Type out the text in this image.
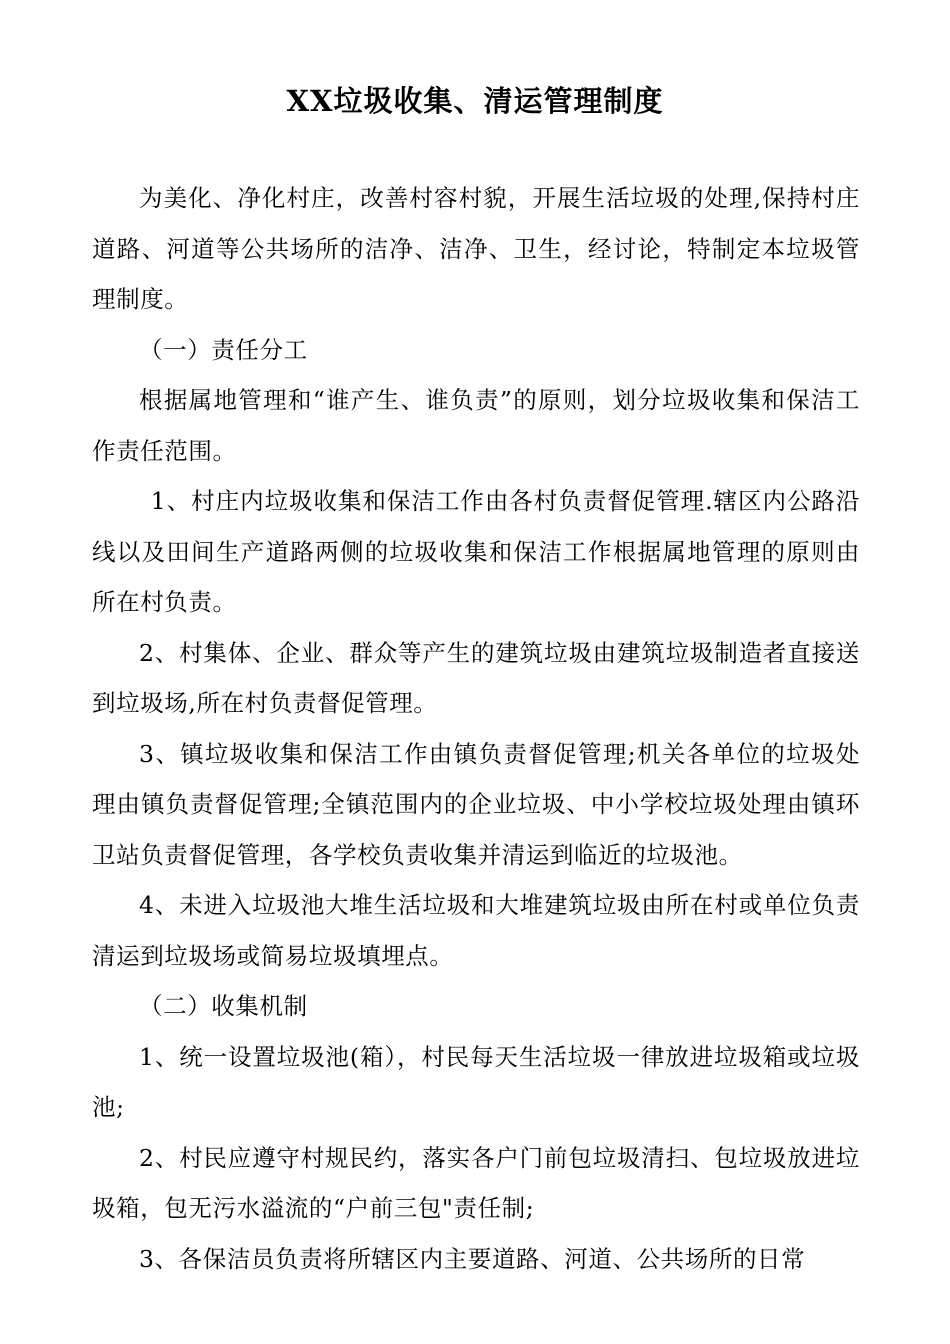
XX垃圾收集、清运管理制度

为美化、净化村庄，改善村容村貌，开展生活垃圾的处理,保持村庄道路、河道等公共场所的洁净、洁净、卫生，经讨论，特制定本垃圾管理制度。

（一）责任分工

根据属地管理和“谁产生、谁负责”的原则，划分垃圾收集和保洁工作责任范围。

1、村庄内垃圾收集和保洁工作由各村负责督促管理.辖区内公路沿线以及田间生产道路两侧的垃圾收集和保洁工作根据属地管理的原则由所在村负责。

2、村集体、企业、群众等产生的建筑垃圾由建筑垃圾制造者直接送到垃圾场,所在村负责督促管理。

3、镇垃圾收集和保洁工作由镇负责督促管理;机关各单位的垃圾处理由镇负责督促管理;全镇范围内的企业垃圾、中小学校垃圾处理由镇环卫站负责督促管理，各学校负责收集并清运到临近的垃圾池。

4、未进入垃圾池大堆生活垃圾和大堆建筑垃圾由所在村或单位负责清运到垃圾场或简易垃圾填埋点。

（二）收集机制

1、统一设置垃圾池(箱），村民每天生活垃圾一律放进垃圾箱或垃圾池;

2、村民应遵守村规民约，落实各户门前包垃圾清扫、包垃圾放进垃圾箱，包无污水溢流的“户前三包"责任制;

3、各保洁员负责将所辖区内主要道路、河道、公共场所的日常
